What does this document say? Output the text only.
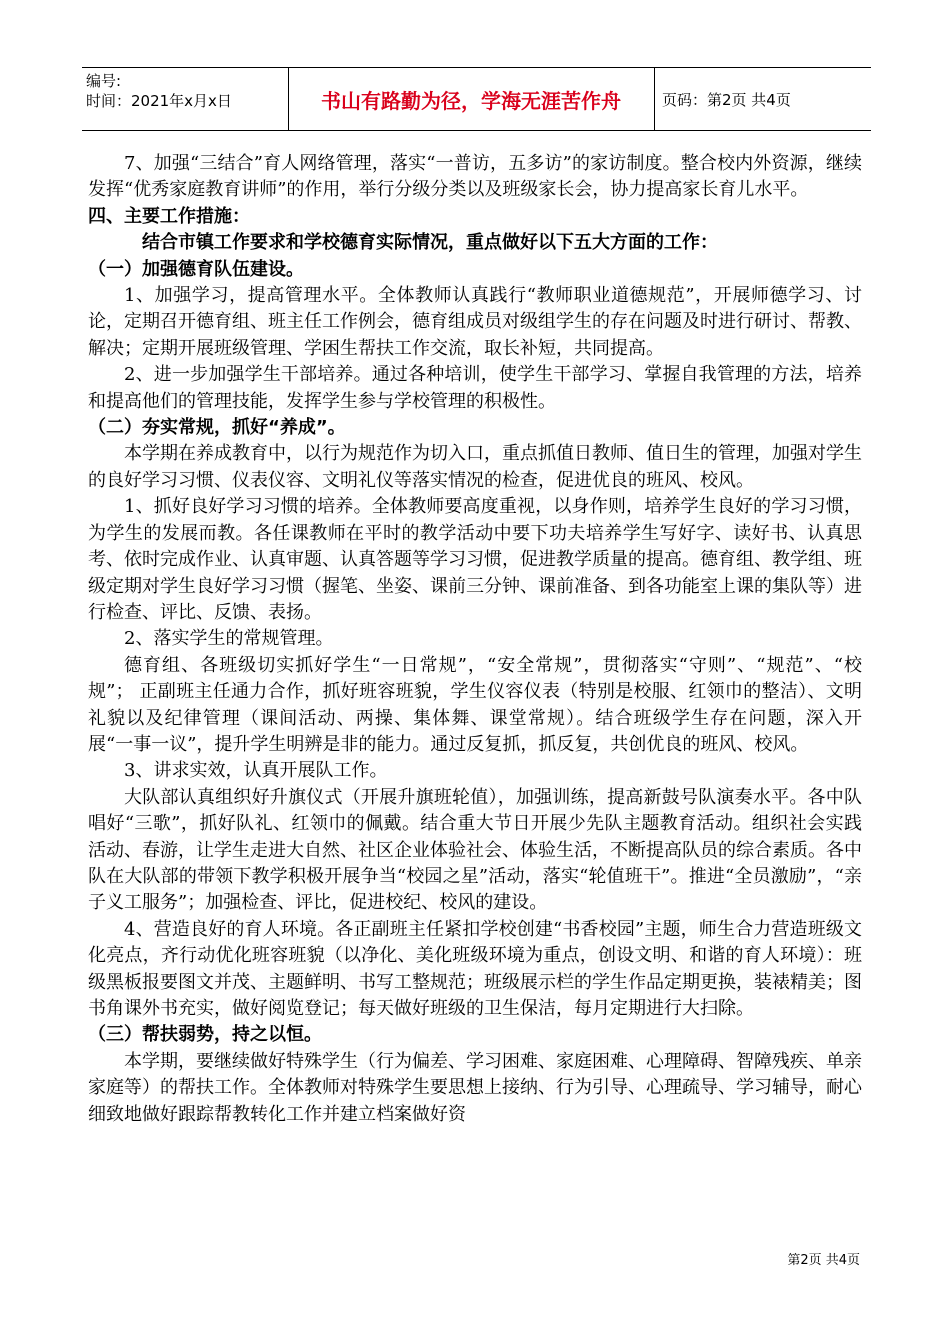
编号:
时间：2021年x月x日	书山有路勤为径，学海无涯苦作舟	页码：第2页 共4页

7、加强“三结合”育人网络管理，落实“一普访，五多访”的家访制度。整合校内外资源，继续发挥“优秀家庭教育讲师”的作用，举行分级分类以及班级家长会，协力提高家长育儿水平。

四、主要工作措施：

结合市镇工作要求和学校德育实际情况，重点做好以下五大方面的工作：

（一）加强德育队伍建设。

1、加强学习，提高管理水平。全体教师认真践行“教师职业道德规范”，开展师德学习、讨论，定期召开德育组、班主任工作例会，德育组成员对级组学生的存在问题及时进行研讨、帮教、解决；定期开展班级管理、学困生帮扶工作交流，取长补短，共同提高。

2、进一步加强学生干部培养。通过各种培训，使学生干部学习、掌握自我管理的方法，培养和提高他们的管理技能，发挥学生参与学校管理的积极性。

（二）夯实常规，抓好“养成”。

本学期在养成教育中，以行为规范作为切入口，重点抓值日教师、值日生的管理，加强对学生的良好学习习惯、仪表仪容、文明礼仪等落实情况的检查，促进优良的班风、校风。

1、抓好良好学习习惯的培养。全体教师要高度重视，以身作则，培养学生良好的学习习惯，为学生的发展而教。各任课教师在平时的教学活动中要下功夫培养学生写好字、读好书、认真思考、依时完成作业、认真审题、认真答题等学习习惯，促进教学质量的提高。德育组、教学组、班级定期对学生良好学习习惯（握笔、坐姿、课前三分钟、课前准备、到各功能室上课的集队等）进行检查、评比、反馈、表扬。

2、落实学生的常规管理。

德育组、各班级切实抓好学生“一日常规”，“安全常规”，贯彻落实“守则”、“规范”、“校规”； 正副班主任通力合作，抓好班容班貌，学生仪容仪表（特别是校服、红领巾的整洁）、文明礼貌以及纪律管理（课间活动、两操、集体舞、课堂常规）。结合班级学生存在问题，深入开展“一事一议”，提升学生明辨是非的能力。通过反复抓，抓反复，共创优良的班风、校风。

3、讲求实效，认真开展队工作。

大队部认真组织好升旗仪式（开展升旗班轮值），加强训练，提高新鼓号队演奏水平。各中队唱好“三歌”，抓好队礼、红领巾的佩戴。结合重大节日开展少先队主题教育活动。组织社会实践活动、春游，让学生走进大自然、社区企业体验社会、体验生活，不断提高队员的综合素质。各中队在大队部的带领下教学积极开展争当“校园之星”活动，落实“轮值班干”。推进“全员激励”，“亲子义工服务”；加强检查、评比，促进校纪、校风的建设。

4、营造良好的育人环境。各正副班主任紧扣学校创建“书香校园”主题，师生合力营造班级文化亮点，齐行动优化班容班貌（以净化、美化班级环境为重点，创设文明、和谐的育人环境）：班级黑板报要图文并茂、主题鲜明、书写工整规范；班级展示栏的学生作品定期更换，装裱精美；图书角课外书充实，做好阅览登记；每天做好班级的卫生保洁，每月定期进行大扫除。

（三）帮扶弱势，持之以恒。

本学期，要继续做好特殊学生（行为偏差、学习困难、家庭困难、心理障碍、智障残疾、单亲家庭等）的帮扶工作。全体教师对特殊学生要思想上接纳、行为引导、心理疏导、学习辅导，耐心细致地做好跟踪帮教转化工作并建立档案做好资

第2页 共4页
